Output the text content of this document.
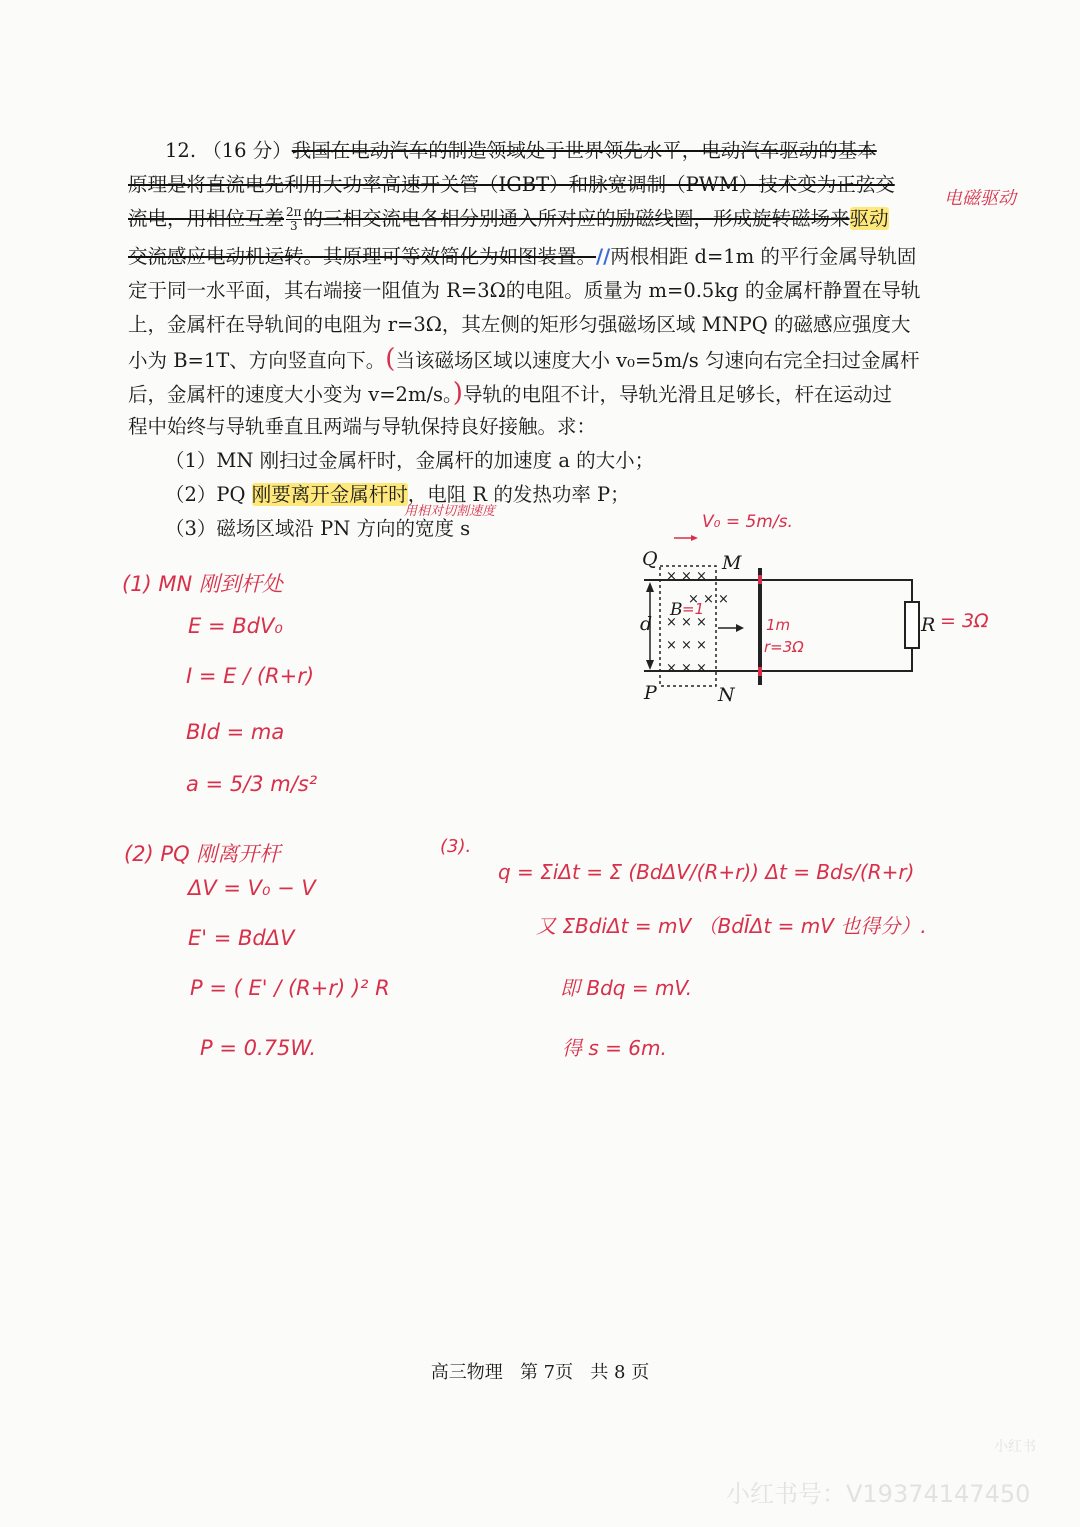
12. （16 分）我国在电动汽车的制造领域处于世界领先水平，电动汽车驱动的基本
原理是将直流电先利用大功率高速开关管（IGBT）和脉宽调制（PWM）技术变为正弦交
流电，用相位互差 $\frac{2\pi}{3}$ 的三相交流电各相分别通入所对应的励磁线圈，形成旋转磁场来驱动
交流感应电动机运转。其原理可等效简化为如图装置。//两根相距 d=1m 的平行金属导轨固
定于同一水平面，其右端接一阻值为 R=3Ω的电阻。质量为 m=0.5kg 的金属杆静置在导轨
上，金属杆在导轨间的电阻为 r=3Ω，其左侧的矩形匀强磁场区域 MNPQ 的磁感应强度大
小为 B=1T、方向竖直向下。(当该磁场区域以速度大小 v₀=5m/s 匀速向右完全扫过金属杆
后，金属杆的速度大小变为 v=2m/s。)导轨的电阻不计，导轨光滑且足够长，杆在运动过
程中始终与导轨垂直且两端与导轨保持良好接触。求：
（1）MN 刚扫过金属杆时，金属杆的加速度 a 的大小；
（2）PQ 刚要离开金属杆时，电阻 R 的发热功率 P；
（3）磁场区域沿 PN 方向的宽度 s
电磁驱动
用相对切割速度
Q	M
P	N
d
B
R
× × ×
× × ×
× × ×
× × ×
× × ×
V₀ = 5m/s.
=1
1m
r=3Ω
= 3Ω
(1) MN 刚到杆处
E = BdV₀
I = E / (R+r)
BId = ma
a = 5/3 m/s²
(2) PQ 刚离开杆
ΔV = V₀ − V
E' = BdΔV
P = ( E' / (R+r) )² R
P = 0.75W.
(3).
q = ΣiΔt = Σ (BdΔV/(R+r)) Δt = Bds/(R+r)
又 ΣBdiΔt = mV （BdĪΔt = mV 也得分）.
即 Bdq = mV.
得 s = 6m.
高三物理 第 7页 共 8 页
小红书
小红书号：V19374147450
